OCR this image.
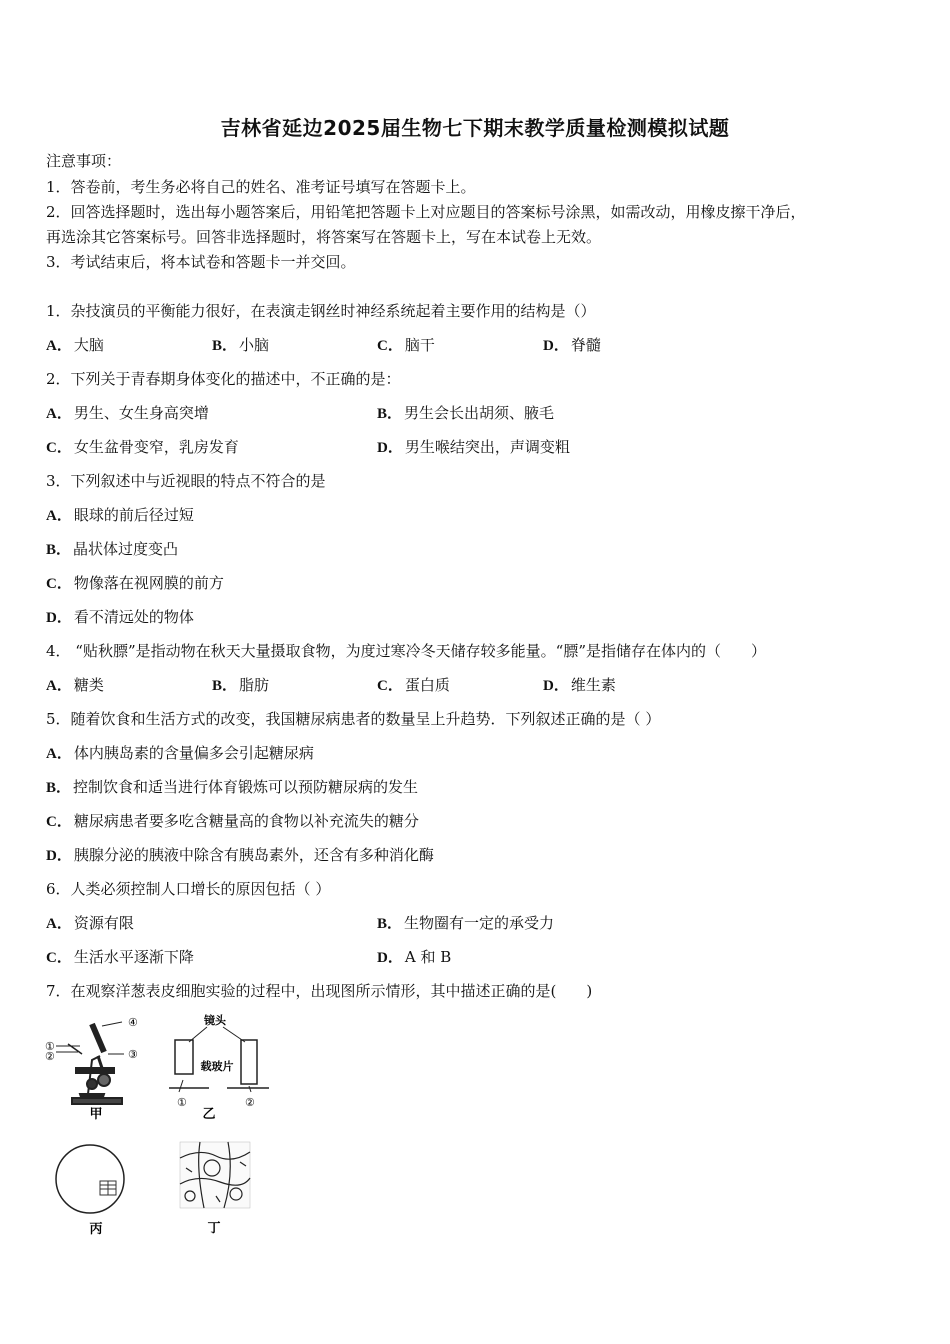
吉林省延边2025届生物七下期末教学质量检测模拟试题
注意事项：
1．答卷前，考生务必将自己的姓名、准考证号填写在答题卡上。
2．回答选择题时，选出每小题答案后，用铅笔把答题卡上对应题目的答案标号涂黑，如需改动，用橡皮擦干净后，
再选涂其它答案标号。回答非选择题时，将答案写在答题卡上，写在本试卷上无效。
3．考试结束后，将本试卷和答题卡一并交回。
1．杂技演员的平衡能力很好，在表演走钢丝时神经系统起着主要作用的结构是（）
A． 大脑	B． 小脑	C． 脑干	D． 脊髓
2．下列关于青春期身体变化的描述中，不正确的是：
A． 男生、女生身高突增	B． 男生会长出胡须、腋毛
C． 女生盆骨变窄，乳房发育	D． 男生喉结突出，声调变粗
3．下列叙述中与近视眼的特点不符合的是
A． 眼球的前后径过短
B． 晶状体过度变凸
C． 物像落在视网膜的前方
D． 看不清远处的物体
4． “贴秋膘”是指动物在秋天大量摄取食物，为度过寒冷冬天储存较多能量。“膘”是指储存在体内的（　　）
A． 糖类	B． 脂肪	C． 蛋白质	D． 维生素
5．随着饮食和生活方式的改变，我国糖尿病患者的数量呈上升趋势．下列叙述正确的是（ ）
A． 体内胰岛素的含量偏多会引起糖尿病
B． 控制饮食和适当进行体育锻炼可以预防糖尿病的发生
C． 糖尿病患者要多吃含糖量高的食物以补充流失的糖分
D． 胰腺分泌的胰液中除含有胰岛素外，还含有多种消化酶
6．人类必须控制人口增长的原因包括（ ）
A． 资源有限	B． 生物圈有一定的承受力
C． 生活水平逐渐下降	D． A 和 B
7．在观察洋葱表皮细胞实验的过程中，出现图所示情形，其中描述正确的是(　　)
④
①
②	③
甲
镜头
载玻片
①	②
乙
丙	丁
